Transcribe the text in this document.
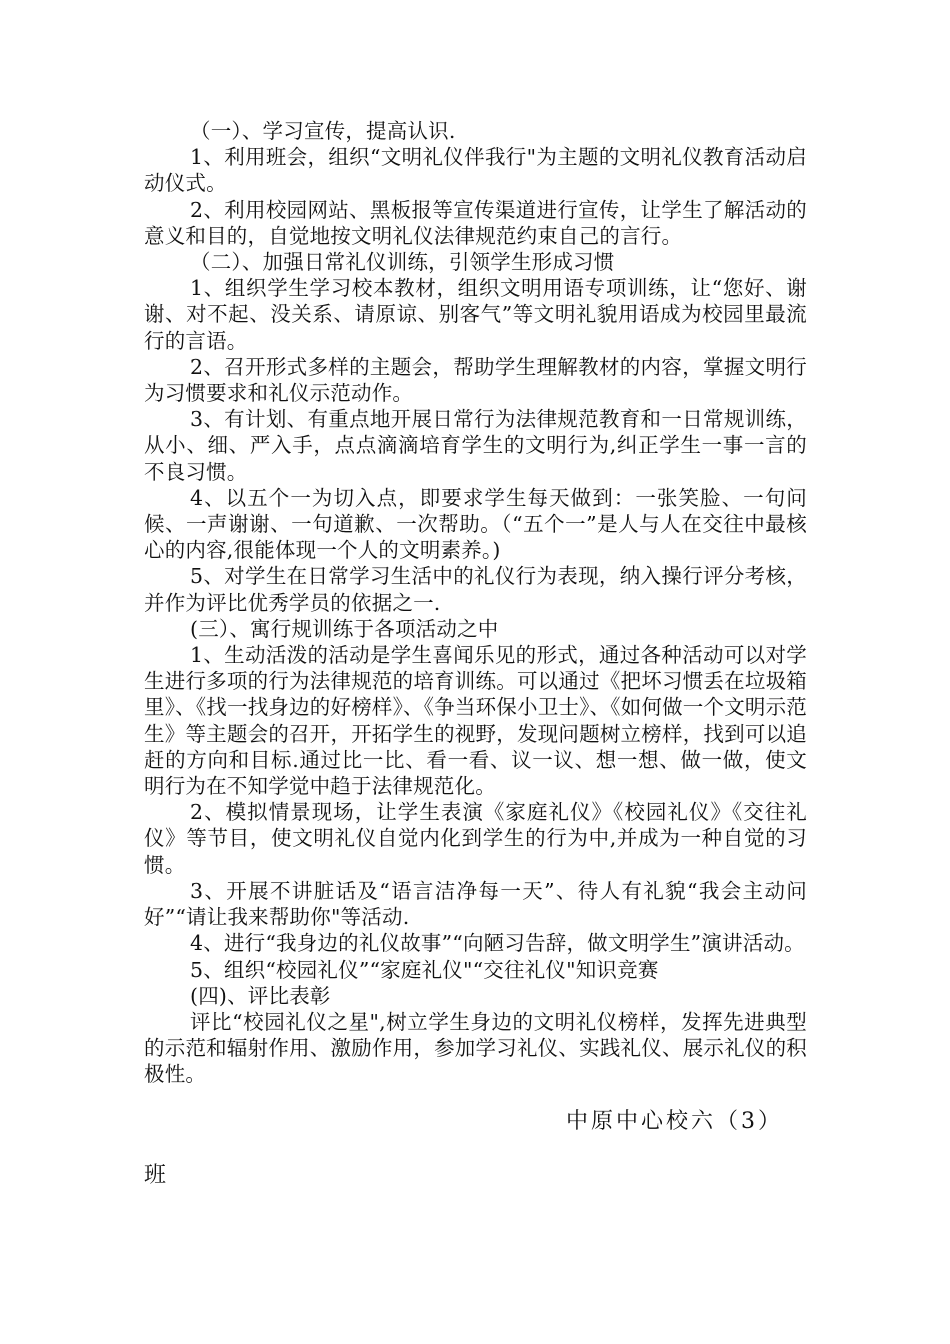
（一）、学习宣传，提高认识.

1、利用班会，组织“文明礼仪伴我行"为主题的文明礼仪教育活动启动仪式。

2、利用校园网站、黑板报等宣传渠道进行宣传，让学生了解活动的意义和目的，自觉地按文明礼仪法律规范约束自己的言行。

（二）、加强日常礼仪训练，引领学生形成习惯

1、组织学生学习校本教材，组织文明用语专项训练，让“您好、谢谢、对不起、没关系、请原谅、别客气”等文明礼貌用语成为校园里最流行的言语。

2、召开形式多样的主题会，帮助学生理解教材的内容，掌握文明行为习惯要求和礼仪示范动作。

3、有计划、有重点地开展日常行为法律规范教育和一日常规训练，从小、细、严入手，点点滴滴培育学生的文明行为,纠正学生一事一言的不良习惯。

4、以五个一为切入点，即要求学生每天做到：一张笑脸、一句问候、一声谢谢、一句道歉、一次帮助。（“五个一”是人与人在交往中最核心的内容,很能体现一个人的文明素养。)

5、对学生在日常学习生活中的礼仪行为表现，纳入操行评分考核，并作为评比优秀学员的依据之一.

(三）、寓行规训练于各项活动之中

1、生动活泼的活动是学生喜闻乐见的形式，通过各种活动可以对学生进行多项的行为法律规范的培育训练。可以通过《把坏习惯丢在垃圾箱里》、《找一找身边的好榜样》、《争当环保小卫士》、《如何做一个文明示范生》等主题会的召开，开拓学生的视野，发现问题树立榜样，找到可以追赶的方向和目标.通过比一比、看一看、议一议、想一想、做一做，使文明行为在不知学觉中趋于法律规范化。

2、模拟情景现场，让学生表演《家庭礼仪》《校园礼仪》《交往礼仪》等节目，使文明礼仪自觉内化到学生的行为中,并成为一种自觉的习惯。

3、开展不讲脏话及“语言洁净每一天”、待人有礼貌“我会主动问好”“请让我来帮助你"等活动.

4、进行“我身边的礼仪故事”“向陋习告辞，做文明学生”演讲活动。

5、组织“校园礼仪”“家庭礼仪"“交往礼仪"知识竞赛

(四)、评比表彰

评比“校园礼仪之星",树立学生身边的文明礼仪榜样，发挥先进典型的示范和辐射作用、激励作用，参加学习礼仪、实践礼仪、展示礼仪的积极性。

中原中心校六（3）
班
